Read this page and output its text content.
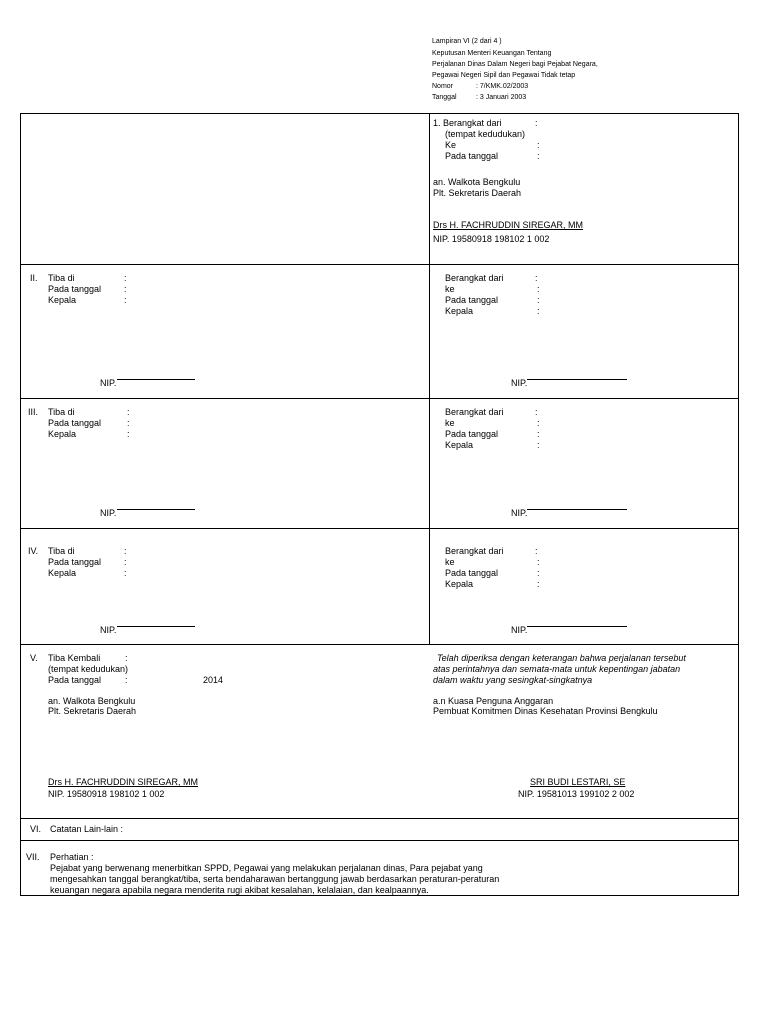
Lampiran VI (2 dari 4 )
Keputusan Menteri Keuangan Tentang
Perjalanan Dinas Dalam Negeri bagi Pejabat Negara,
Pegawai Negeri Sipil dan Pegawai Tidak tetap
Nomor	: 7/KMK.02/2003
Tanggal	: 3 Januari 2003
1. Berangkat dari	:
(tempat kedudukan)
Ke	:
Pada tanggal	:
an. Walkota Bengkulu
Plt. Sekretaris Daerah
Drs H. FACHRUDDIN SIREGAR, MM
NIP. 19580918 198102 1 002
II. Tiba di	:
Pada tanggal	:
Kepala	:
NIP.
Berangkat dari	:
ke	:
Pada tanggal	:
Kepala	:
NIP.
III. Tiba di	:
Pada tanggal	:
Kepala	:
NIP.
Berangkat dari	:
ke	:
Pada tanggal	:
Kepala	:
NIP.
IV. Tiba di	:
Pada tanggal	:
Kepala	:
NIP.
Berangkat dari	:
ke	:
Pada tanggal	:
Kepala	:
NIP.
V. Tiba Kembali	:
(tempat kedudukan)
Pada tanggal	:	2014
an. Walkota Bengkulu
Plt. Sekretaris Daerah
Drs H. FACHRUDDIN SIREGAR, MM
NIP. 19580918 198102 1 002
Telah diperiksa dengan keterangan bahwa perjalanan tersebut
atas perintahnya dan semata-mata untuk kepentingan jabatan
dalam waktu yang sesingkat-singkatnya
a.n Kuasa Penguna Anggaran
Pembuat Komitmen Dinas Kesehatan Provinsi Bengkulu
SRI BUDI LESTARI, SE
NIP. 19581013 199102 2 002
VI. Catatan Lain-lain :
VII. Perhatian :
Pejabat yang berwenang menerbitkan SPPD, Pegawai yang melakukan perjalanan dinas, Para pejabat yang
mengesahkan tanggal berangkat/tiba, serta bendaharawan bertanggung jawab berdasarkan peraturan-peraturan
keuangan negara apabila negara menderita rugi akibat kesalahan, kelalaian, dan kealpaannya.
